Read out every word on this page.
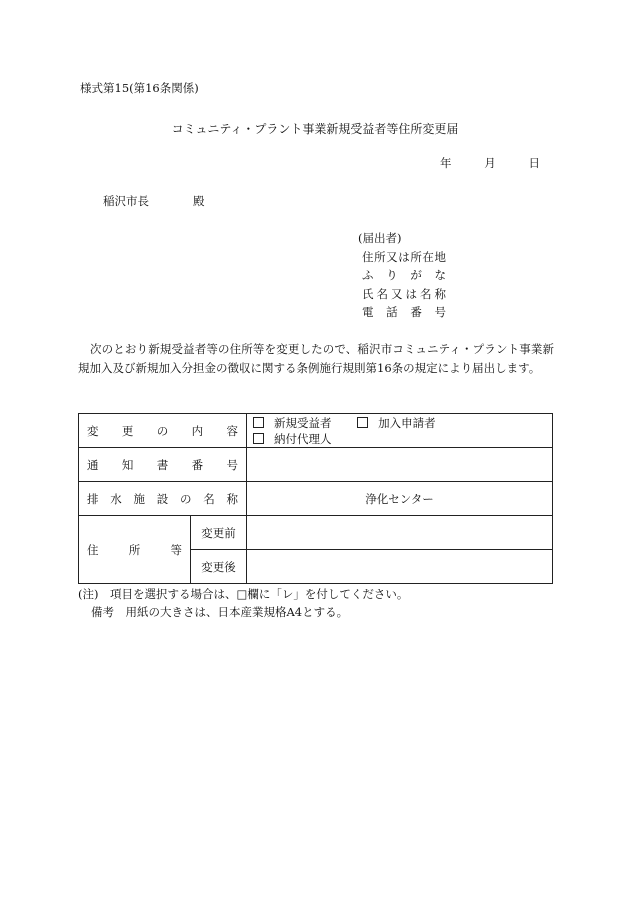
様式第15(第16条関係)
コミュニティ・プラント事業新規受益者等住所変更届
年	月	日
稲沢市長	殿
(届出者)
住所又は所在地
ふりがな
氏名又は名称
電話番号
次のとおり新規受益者等の住所等を変更したので、稲沢市コミュニティ・プラント事業新規加入及び新規加入分担金の徴収に関する条例施行規則第16条の規定により届出します。
変更の内容		新規受益者 加入申請者 納付代理人

通知書番号		

排水施設の名称		浄化センター

住所等	変更前	
	変更後	
(注)　項目を選択する場合は、□欄に「レ」を付してください。
備考　用紙の大きさは、日本産業規格A4とする。
